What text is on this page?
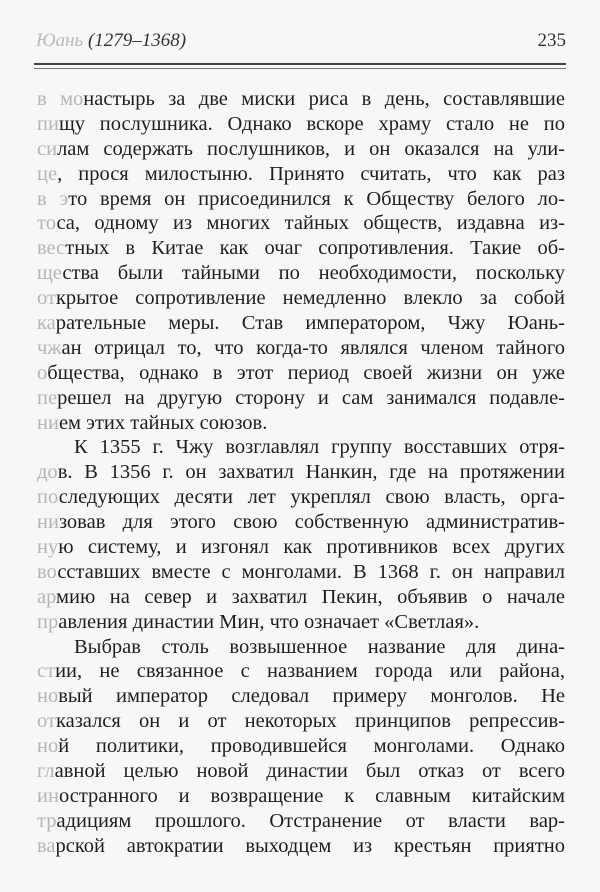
Юань (1279–1368)	235
в монастырь за две миски риса в день, составлявшие
пищу послушника. Однако вскоре храму стало не по
силам содержать послушников, и он оказался на ули-
це, прося милостыню. Принято считать, что как раз
в это время он присоединился к Обществу белого ло-
тоса, одному из многих тайных обществ, издавна из-
вестных в Китае как очаг сопротивления. Такие об-
щества были тайными по необходимости, поскольку
открытое сопротивление немедленно влекло за собой
карательные меры. Став императором, Чжу Юань-
чжан отрицал то, что когда-то являлся членом тайного
общества, однако в этот период своей жизни он уже
перешел на другую сторону и сам занимался подавле-
нием этих тайных союзов.
К 1355 г. Чжу возглавлял группу восставших отря-
дов. В 1356 г. он захватил Нанкин, где на протяжении
последующих десяти лет укреплял свою власть, орга-
низовав для этого свою собственную административ-
ную систему, и изгонял как противников всех других
восставших вместе с монголами. В 1368 г. он направил
армию на север и захватил Пекин, объявив о начале
правления династии Мин, что означает «Светлая».
Выбрав столь возвышенное название для дина-
стии, не связанное с названием города или района,
новый император следовал примеру монголов. Не
отказался он и от некоторых принципов репрессив-
ной политики, проводившейся монголами. Однако
главной целью новой династии был отказ от всего
иностранного и возвращение к славным китайским
традициям прошлого. Отстранение от власти вар-
варской автократии выходцем из крестьян приятно
